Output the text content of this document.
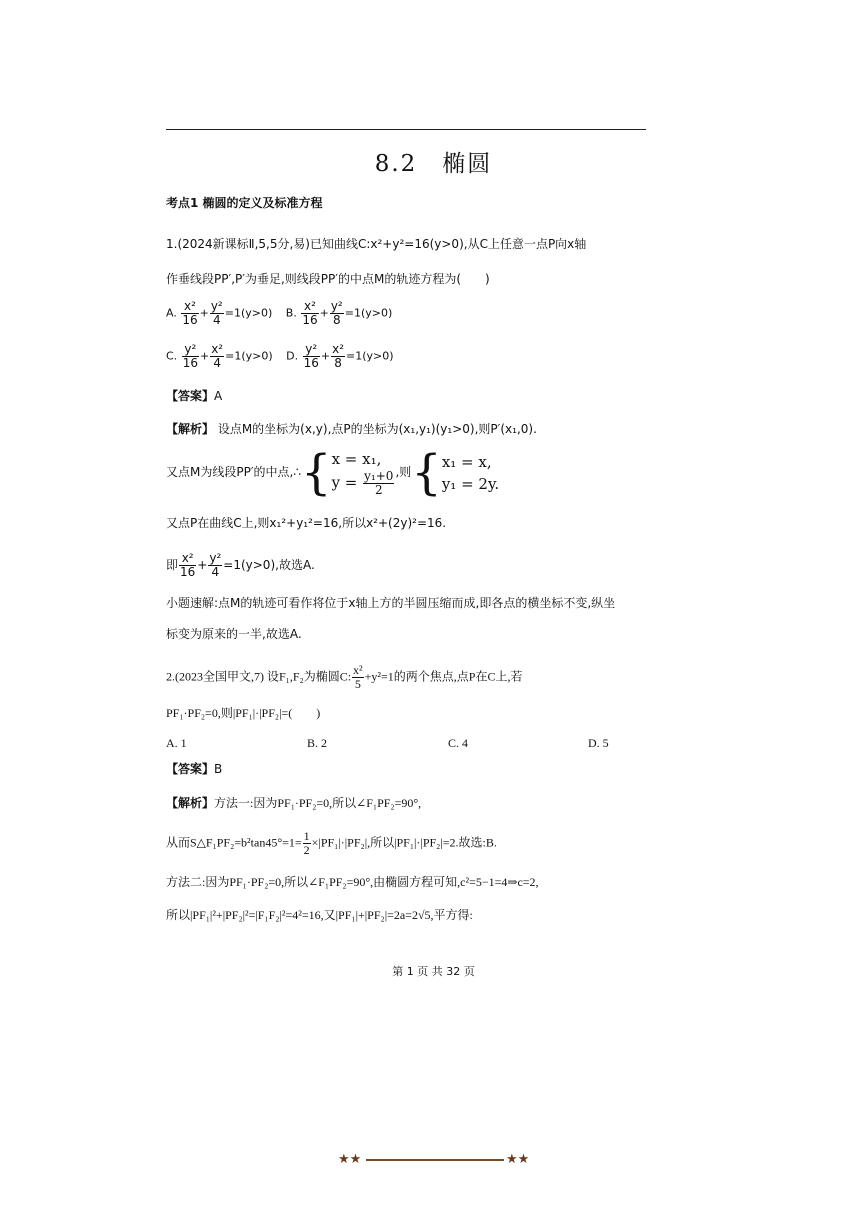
8.2　椭圆
考点1 椭圆的定义及标准方程
1.(2024新课标Ⅱ,5,5分,易)已知曲线C:x²+y²=16(y>0),从C上任意一点P向x轴
作垂线段PP′,P′为垂足,则线段PP′的中点M的轨迹方程为(　　)
A. $\frac{\text{x²}}{16} + \frac{\text{y²}}{4} =1(y>0)$ B. $\frac{\text{x²}}{16} + \frac{\text{y²}}{8} =1(y>0)$
C. $\frac{\text{y²}}{16} + \frac{\text{x²}}{4} =1(y>0)$ D. $\frac{\text{y²}}{16} + \frac{\text{x²}}{8} =1(y>0)$
【答案】A
【解析】 设点M的坐标为(x,y),点P的坐标为(x₁,y₁)(y₁>0),则P′(x₁,0).
又点M为线段PP′的中点,∴{ x = x₁,
$y = \frac{\text{y₁+0}}{2}$ ,则{ x₁ = x,
y₁ = 2y.
又点P在曲线C上,则x₁²+y₁²=16,所以x²+(2y)²=16.
即 $\frac{\text{x²}}{16} + \frac{\text{y²}}{4} =1(y>0)$,故选A.
小题速解:点M的轨迹可看作将位于x轴上方的半圆压缩而成,即各点的横坐标不变,纵坐
标变为原来的一半,故选A.
2.(2023全国甲文,7) 设F₁,F₂为椭圆C: $\frac{\text{x²}}{5} +y^2=1$的两个焦点,点P在C上,若
PF₁·PF₂=0,则|PF₁|·|PF₂|=(　　)
A. 1	B. 2	C. 4	D. 5
【答案】B
【解析】方法一:因为PF₁·PF₂=0,所以∠F₁PF₂=90°,
从而S△F₁PF₂=b²tan45°=1= $\frac{1}{2} \times|PF_1|\cdot|PF_2|$,所以|PF₁|·|PF₂|=2.故选:B.
方法二:因为PF₁·PF₂=0,所以∠F₁PF₂=90°,由椭圆方程可知,c²=5−1=4⇒c=2,
所以|PF₁|²+|PF₂|²=|F₁F₂|²=4²=16,又|PF₁|+|PF₂|=2a=2√5,平方得:
第 1 页 共 32 页
★★	★★
